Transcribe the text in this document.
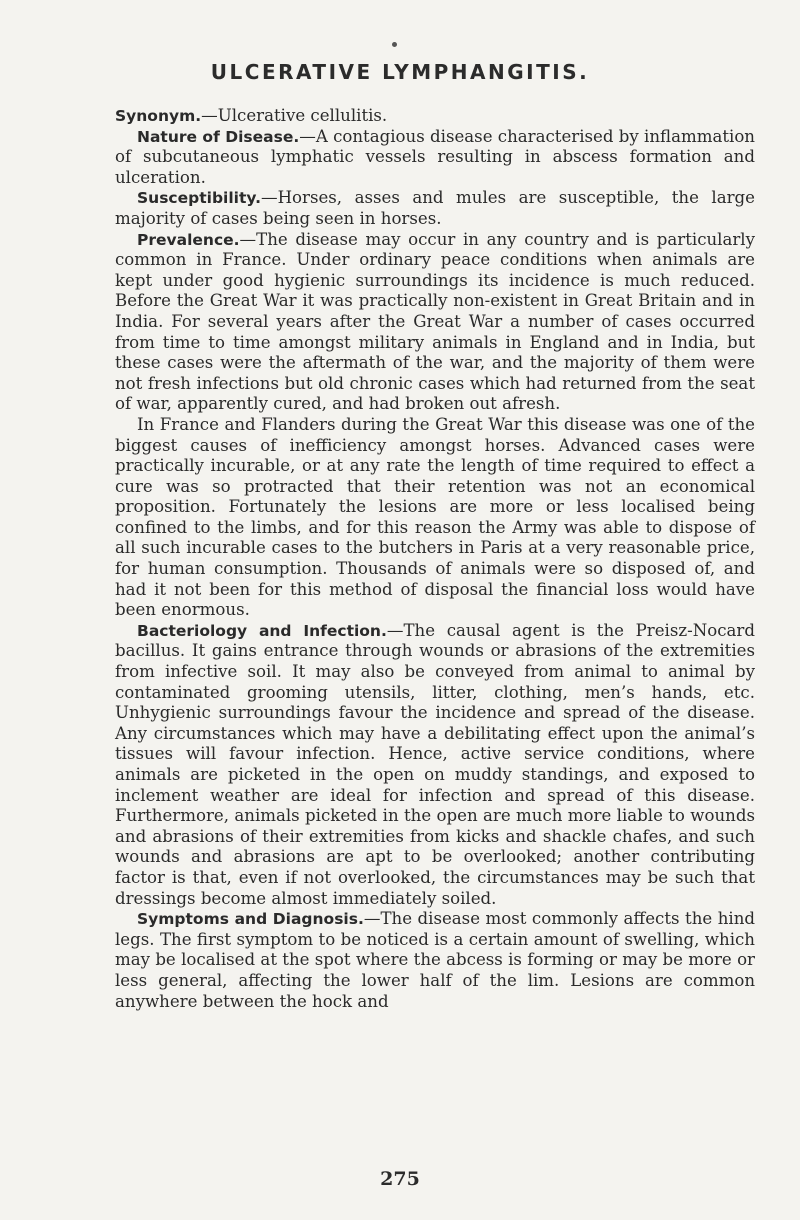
ULCERATIVE LYMPHANGITIS.

Synonym.—Ulcerative cellulitis.

Nature of Disease.—A contagious disease characterised by inflammation of subcutaneous lymphatic vessels resulting in abscess formation and ulceration.

Susceptibility.—Horses, asses and mules are susceptible, the large majority of cases being seen in horses.

Prevalence.—The disease may occur in any country and is particularly common in France. Under ordinary peace conditions when animals are kept under good hygienic surroundings its incidence is much reduced. Before the Great War it was practically non-existent in Great Britain and in India. For several years after the Great War a number of cases occurred from time to time amongst military animals in England and in India, but these cases were the aftermath of the war, and the majority of them were not fresh infections but old chronic cases which had returned from the seat of war, apparently cured, and had broken out afresh.

In France and Flanders during the Great War this disease was one of the biggest causes of inefficiency amongst horses. Advanced cases were practically incurable, or at any rate the length of time required to effect a cure was so protracted that their retention was not an economical proposition. Fortunately the lesions are more or less localised being confined to the limbs, and for this reason the Army was able to dispose of all such incurable cases to the butchers in Paris at a very reasonable price, for human consumption. Thousands of animals were so disposed of, and had it not been for this method of disposal the financial loss would have been enormous.

Bacteriology and Infection.—The causal agent is the Preisz-Nocard bacillus. It gains entrance through wounds or abrasions of the extremities from infective soil. It may also be conveyed from animal to animal by contaminated grooming utensils, litter, clothing, men’s hands, etc. Unhygienic surroundings favour the incidence and spread of the disease. Any circumstances which may have a debilitating effect upon the animal’s tissues will favour infection. Hence, active service conditions, where animals are picketed in the open on muddy standings, and exposed to inclement weather are ideal for infection and spread of this disease. Furthermore, animals picketed in the open are much more liable to wounds and abrasions of their extremities from kicks and shackle chafes, and such wounds and abrasions are apt to be overlooked; another contributing factor is that, even if not overlooked, the circumstances may be such that dressings become almost immediately soiled.

Symptoms and Diagnosis.—The disease most commonly affects the hind legs. The first symptom to be noticed is a certain amount of swelling, which may be localised at the spot where the abcess is forming or may be more or less general, affecting the lower half of the lim. Lesions are common anywhere between the hock and

275
